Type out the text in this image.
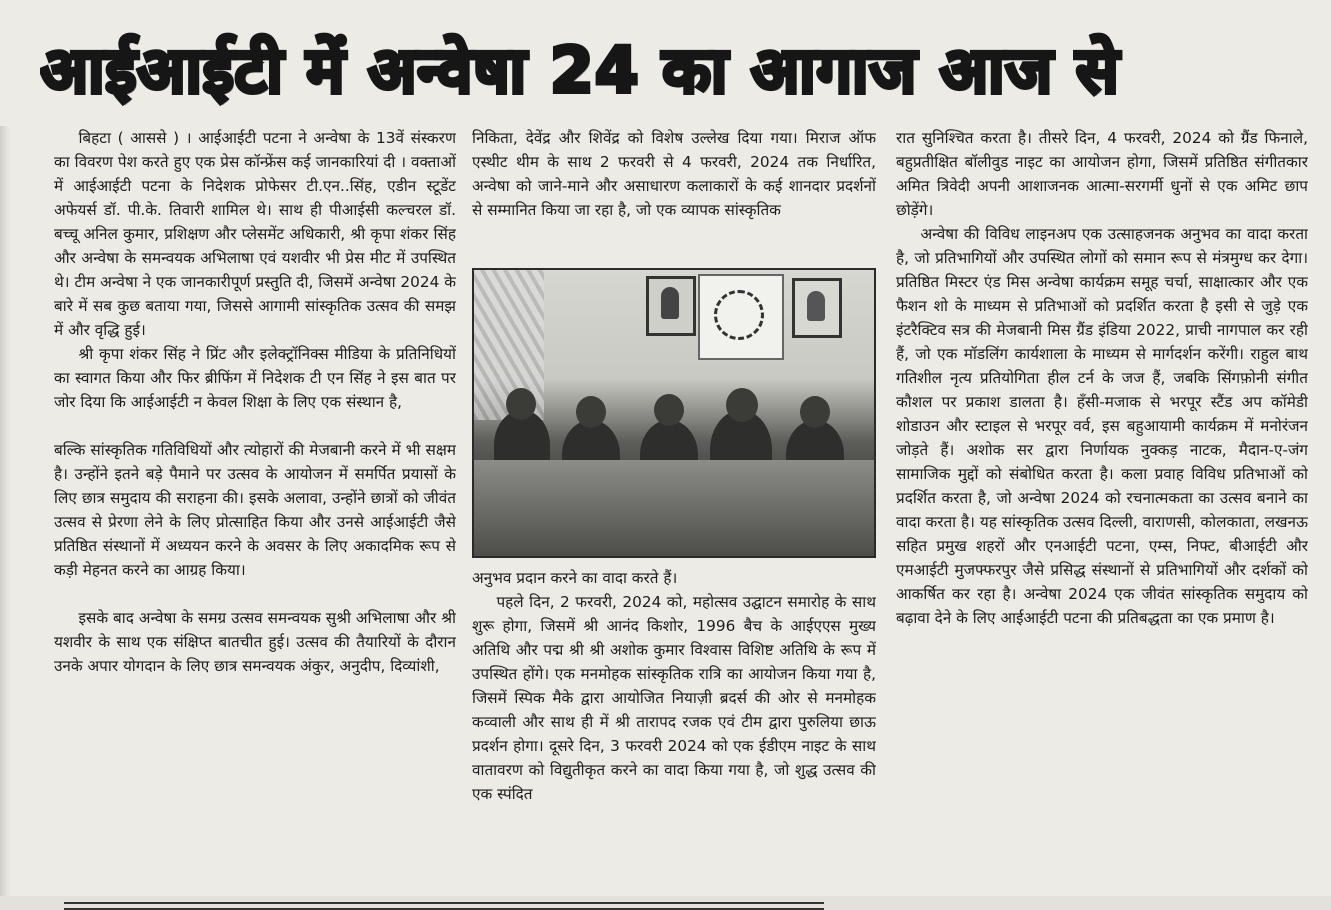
आईआईटी में अन्वेषा 24 का आगाज आज से

बिहटा ( आससे ) । आईआईटी पटना ने अन्वेषा के 13वें संस्करण का विवरण पेश करते हुए एक प्रेस कॉन्फ्रेंस कई जानकारियां दी । वक्ताओं में आईआईटी पटना के निदेशक प्रोफेसर टी.एन..सिंह, एडीन स्टूडेंट अफेयर्स डॉ. पी.के. तिवारी शामिल थे। साथ ही पीआईसी कल्चरल डॉ. बच्चू अनिल कुमार, प्रशिक्षण और प्लेसमेंट अधिकारी, श्री कृपा शंकर सिंह और अन्वेषा के समन्वयक अभिलाषा एवं यशवीर भी प्रेस मीट में उपस्थित थे। टीम अन्वेषा ने एक जानकारीपूर्ण प्रस्तुति दी, जिसमें अन्वेषा 2024 के बारे में सब कुछ बताया गया, जिससे आगामी सांस्कृतिक उत्सव की समझ में और वृद्धि हुई।

श्री कृपा शंकर सिंह ने प्रिंट और इलेक्ट्रॉनिक्स मीडिया के प्रतिनिधियों का स्वागत किया और फिर ब्रीफिंग में निदेशक टी एन सिंह ने इस बात पर जोर दिया कि आईआईटी न केवल शिक्षा के लिए एक संस्थान है,

बल्कि सांस्कृतिक गतिविधियों और त्योहारों की मेजबानी करने में भी सक्षम है। उन्होंने इतने बड़े पैमाने पर उत्सव के आयोजन में समर्पित प्रयासों के लिए छात्र समुदाय की सराहना की। इसके अलावा, उन्होंने छात्रों को जीवंत उत्सव से प्रेरणा लेने के लिए प्रोत्साहित किया और उनसे आईआईटी जैसे प्रतिष्ठित संस्थानों में अध्ययन करने के अवसर के लिए अकादमिक रूप से कड़ी मेहनत करने का आग्रह किया।

इसके बाद अन्वेषा के समग्र उत्सव समन्वयक सुश्री अभिलाषा और श्री यशवीर के साथ एक संक्षिप्त बातचीत हुई। उत्सव की तैयारियों के दौरान उनके अपार योगदान के लिए छात्र समन्वयक अंकुर, अनुदीप, दिव्यांशी,

निकिता, देवेंद्र और शिवेंद्र को विशेष उल्लेख दिया गया। मिराज ऑफ एस्थीट थीम के साथ 2 फरवरी से 4 फरवरी, 2024 तक निर्धारित, अन्वेषा को जाने-माने और असाधारण कलाकारों के कई शानदार प्रदर्शनों से सम्मानित किया जा रहा है, जो एक व्यापक सांस्कृतिक

अनुभव प्रदान करने का वादा करते हैं।

पहले दिन, 2 फरवरी, 2024 को, महोत्सव उद्घाटन समारोह के साथ शुरू होगा, जिसमें श्री आनंद किशोर, 1996 बैच के आईएएस मुख्य अतिथि और पद्म श्री श्री अशोक कुमार विश्वास विशिष्ट अतिथि के रूप में उपस्थित होंगे। एक मनमोहक सांस्कृतिक रात्रि का आयोजन किया गया है, जिसमें स्पिक मैके द्वारा आयोजित नियाज़ी ब्रदर्स की ओर से मनमोहक कव्वाली और साथ ही में श्री तारापद रजक एवं टीम द्वारा पुरुलिया छाऊ प्रदर्शन होगा। दूसरे दिन, 3 फरवरी 2024 को एक ईडीएम नाइट के साथ वातावरण को विद्युतीकृत करने का वादा किया गया है, जो शुद्ध उत्सव की एक स्पंदित

रात सुनिश्चित करता है। तीसरे दिन, 4 फरवरी, 2024 को ग्रैंड फिनाले, बहुप्रतीक्षित बॉलीवुड नाइट का आयोजन होगा, जिसमें प्रतिष्ठित संगीतकार अमित त्रिवेदी अपनी आशाजनक आत्मा-सरगर्मी धुनों से एक अमिट छाप छोड़ेंगे।

अन्वेषा की विविध लाइनअप एक उत्साहजनक अनुभव का वादा करता है, जो प्रतिभागियों और उपस्थित लोगों को समान रूप से मंत्रमुग्ध कर देगा। प्रतिष्ठित मिस्टर एंड मिस अन्वेषा कार्यक्रम समूह चर्चा, साक्षात्कार और एक फैशन शो के माध्यम से प्रतिभाओं को प्रदर्शित करता है इसी से जुड़े एक इंटरैक्टिव सत्र की मेजबानी मिस ग्रैंड इंडिया 2022, प्राची नागपाल कर रही हैं, जो एक मॉडलिंग कार्यशाला के माध्यम से मार्गदर्शन करेंगी। राहुल बाथ गतिशील नृत्य प्रतियोगिता हील टर्न के जज हैं, जबकि सिंगफ़ोनी संगीत कौशल पर प्रकाश डालता है। हँसी-मजाक से भरपूर स्टैंड अप कॉमेडी शोडाउन और स्टाइल से भरपूर वर्व, इस बहुआयामी कार्यक्रम में मनोरंजन जोड़ते हैं। अशोक सर द्वारा निर्णायक नुक्कड़ नाटक, मैदान-ए-जंग सामाजिक मुद्दों को संबोधित करता है। कला प्रवाह विविध प्रतिभाओं को प्रदर्शित करता है, जो अन्वेषा 2024 को रचनात्मकता का उत्सव बनाने का वादा करता है। यह सांस्कृतिक उत्सव दिल्ली, वाराणसी, कोलकाता, लखनऊ सहित प्रमुख शहरों और एनआईटी पटना, एम्स, निफ्ट, बीआईटी और एमआईटी मुजफ्फरपुर जैसे प्रसिद्ध संस्थानों से प्रतिभागियों और दर्शकों को आकर्षित कर रहा है। अन्वेषा 2024 एक जीवंत सांस्कृतिक समुदाय को बढ़ावा देने के लिए आईआईटी पटना की प्रतिबद्धता का एक प्रमाण है।
